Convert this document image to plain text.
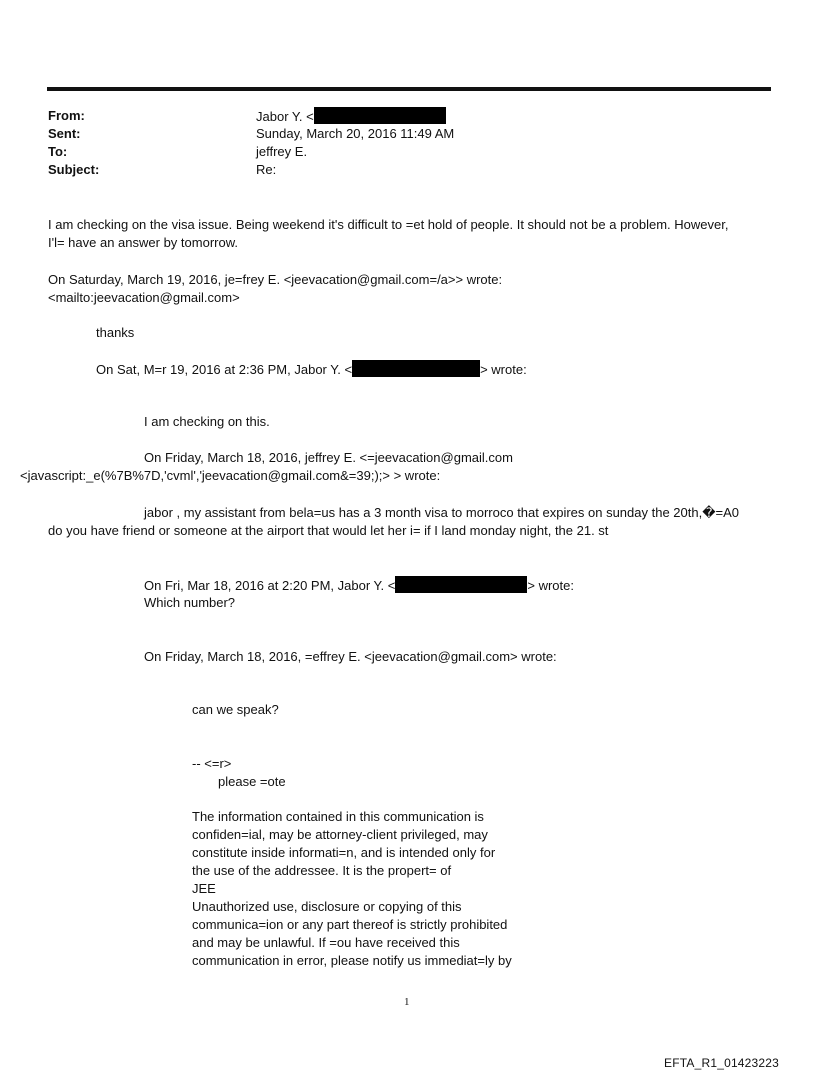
From:	Jabor Y. <
Sent:	Sunday, March 20, 2016 11:49 AM
To:	jeffrey E.
Subject:	Re:
I am checking on the visa issue. Being weekend it's difficult to =et hold of people. It should not be a problem. However,
I'l= have an answer by tomorrow.
On Saturday, March 19, 2016, je=frey E. <jeevacation@gmail.com=/a>> wrote:
<mailto:jeevacation@gmail.com>
thanks
On Sat, M=r 19, 2016 at 2:36 PM, Jabor Y. <	> wrote:
I am checking on this.
On Friday, March 18, 2016, jeffrey E. <=jeevacation@gmail.com
<javascript:_e(%7B%7D,'cvml','jeevacation@gmail.com&=39;);> > wrote:
jabor , my assistant from bela=us has a 3 month visa to morroco that expires on sunday the 20th,�=A0
do you have friend or someone at the airport that would let her i= if I land monday night, the 21. st
On Fri, Mar 18, 2016 at 2:20 PM, Jabor Y. <	> wrote:
Which number?
On Friday, March 18, 2016, =effrey E. <jeevacation@gmail.com> wrote:
can we speak?
-- <=r>
please =ote
The information contained in this communication is
confiden=ial, may be attorney-client privileged, may
constitute inside informati=n, and is intended only for
the use of the addressee. It is the propert= of
JEE
Unauthorized use, disclosure or copying of this
communica=ion or any part thereof is strictly prohibited
and may be unlawful. If =ou have received this
communication in error, please notify us immediat=ly by
1
EFTA_R1_01423223
